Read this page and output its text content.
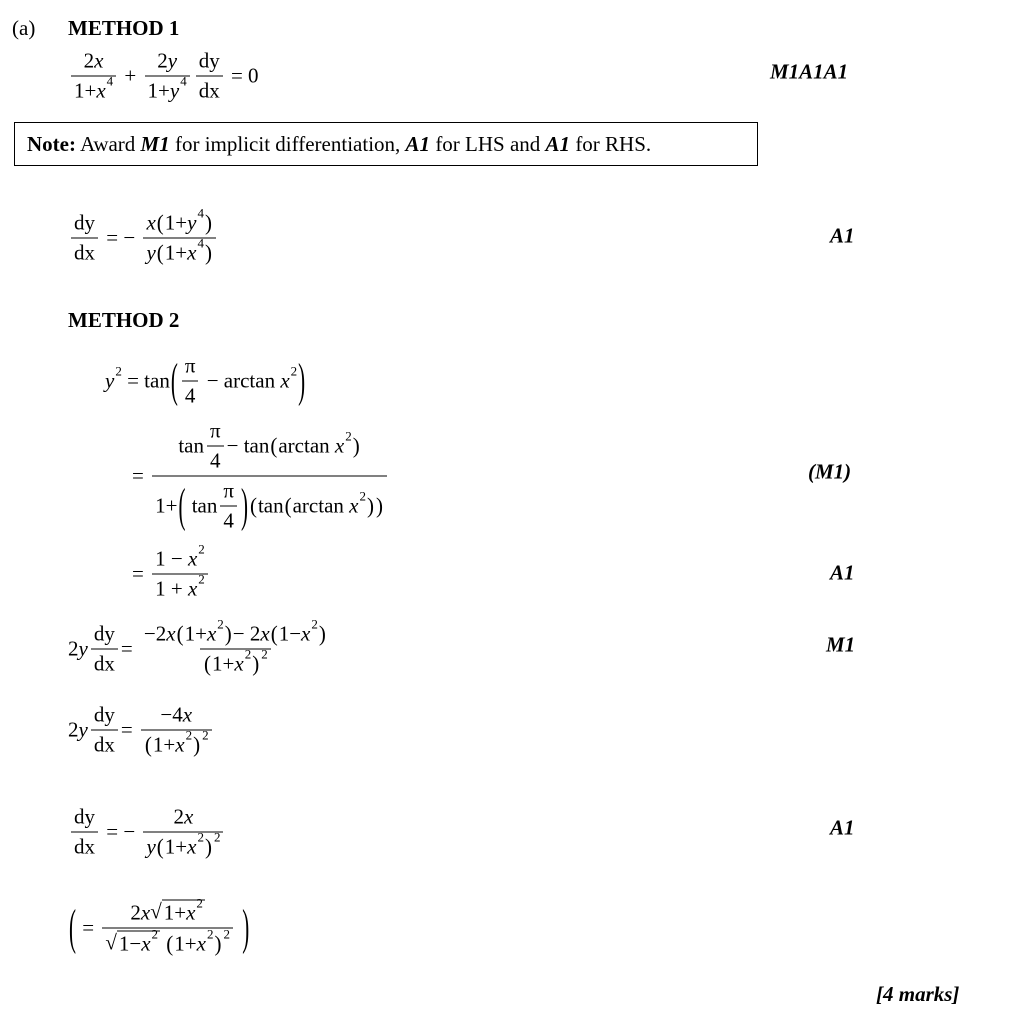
(a) METHOD 1
$\frac{2 x}{1+ x 4} + \frac{2 y}{1+ y 4} \frac{dy}{dx} = 0$	M1A1A1
Note: Award M1 for implicit differentiation, A1 for LHS and A1 for RHS.
$\frac{dy}{dx}$ = − $\frac{x ( 1+ y 4 )}{y ( 1+ x 4 )}$	A1
METHOD 2
y 2 = tan ( $\frac{\pi}{4} - \arctan x$ 2 )
= $\frac{\tan \frac{\pi}{4} - \tan ( \arctan x 2 )}{1+ ( \tan \frac{\pi}{4} ) ( \tan ( \arctan x 2 ) )}$	(M1)
= $\frac{1 - x 2}{1 + x 2}$	A1
2 y $\frac{dy}{dx} = \frac{-2 x ( 1+ x 2 ) - 2 x ( 1- x 2 )}{( 1+ x 2 ) 2}$	M1
2 y $\frac{dy}{dx} = \frac{-4 x}{( 1+ x 2 ) 2}$
$\frac{dy}{dx}$ = − $\frac{2 x}{y ( 1+ x 2 ) 2}$	A1
( = 2 x √ 1+ x 2
√ 1− x 2
( 1+ x 2 ) 2
)
[4 marks]
